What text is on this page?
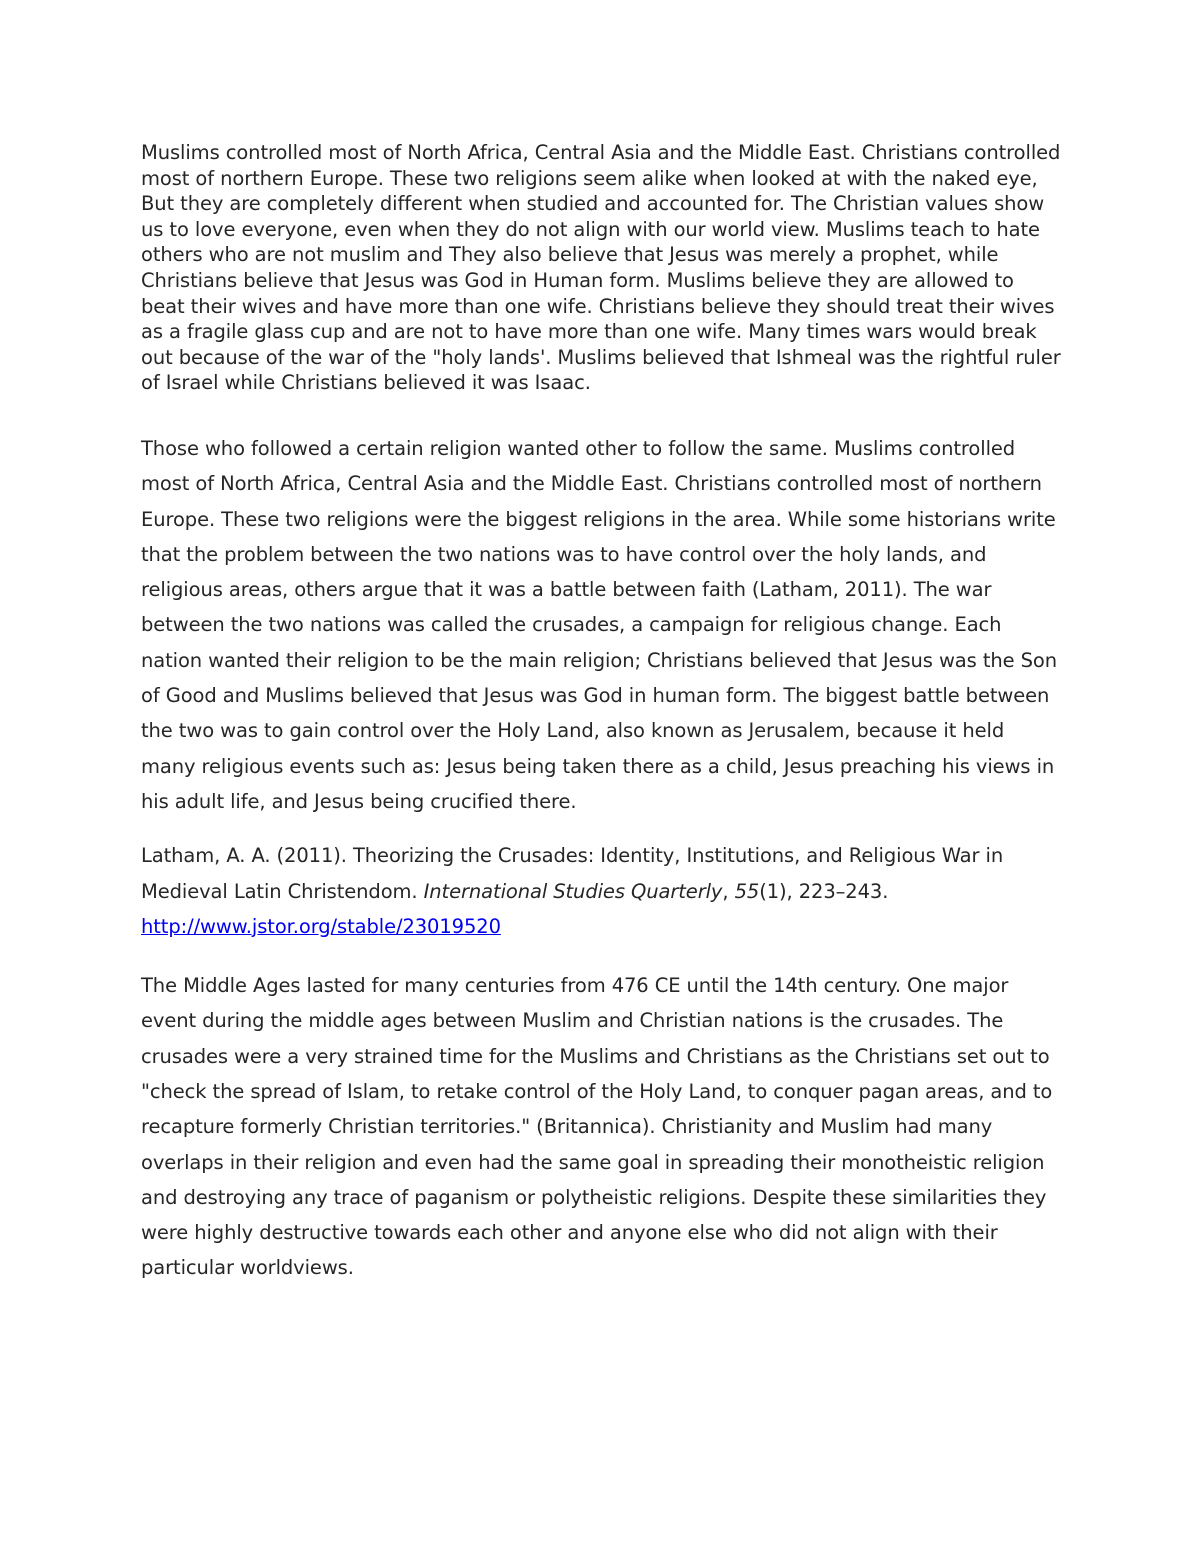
Muslims controlled most of North Africa, Central Asia and the Middle East. Christians controlled most of northern Europe. These two religions seem alike when looked at with the naked eye, But they are completely different when studied and accounted for. The Christian values show us to love everyone, even when they do not align with our world view. Muslims teach to hate others who are not muslim and They also believe that Jesus was merely a prophet, while Christians believe that Jesus was God in Human form. Muslims believe they are allowed to beat their wives and have more than one wife. Christians believe they should treat their wives as a fragile glass cup and are not to have more than one wife. Many times wars would break out because of the war of the "holy lands'. Muslims believed that Ishmeal was the rightful ruler of Israel while Christians believed it was Isaac.

Those who followed a certain religion wanted other to follow the same. Muslims controlled most of North Africa, Central Asia and the Middle East. Christians controlled most of northern Europe. These two religions were the biggest religions in the area. While some historians write that the problem between the two nations was to have control over the holy lands, and religious areas, others argue that it was a battle between faith (Latham, 2011). The war between the two nations was called the crusades, a campaign for religious change. Each nation wanted their religion to be the main religion; Christians believed that Jesus was the Son of Good and Muslims believed that Jesus was God in human form. The biggest battle between the two was to gain control over the Holy Land, also known as Jerusalem, because it held many religious events such as: Jesus being taken there as a child, Jesus preaching his views in his adult life, and Jesus being crucified there.

Latham, A. A. (2011). Theorizing the Crusades: Identity, Institutions, and Religious War in Medieval Latin Christendom. International Studies Quarterly, 55(1), 223–243. http://www.jstor.org/stable/23019520

The Middle Ages lasted for many centuries from 476 CE until the 14th century. One major event during the middle ages between Muslim and Christian nations is the crusades. The crusades were a very strained time for the Muslims and Christians as the Christians set out to "check the spread of Islam, to retake control of the Holy Land, to conquer pagan areas, and to recapture formerly Christian territories." (Britannica). Christianity and Muslim had many overlaps in their religion and even had the same goal in spreading their monotheistic religion and destroying any trace of paganism or polytheistic religions. Despite these similarities they were highly destructive towards each other and anyone else who did not align with their particular worldviews.
